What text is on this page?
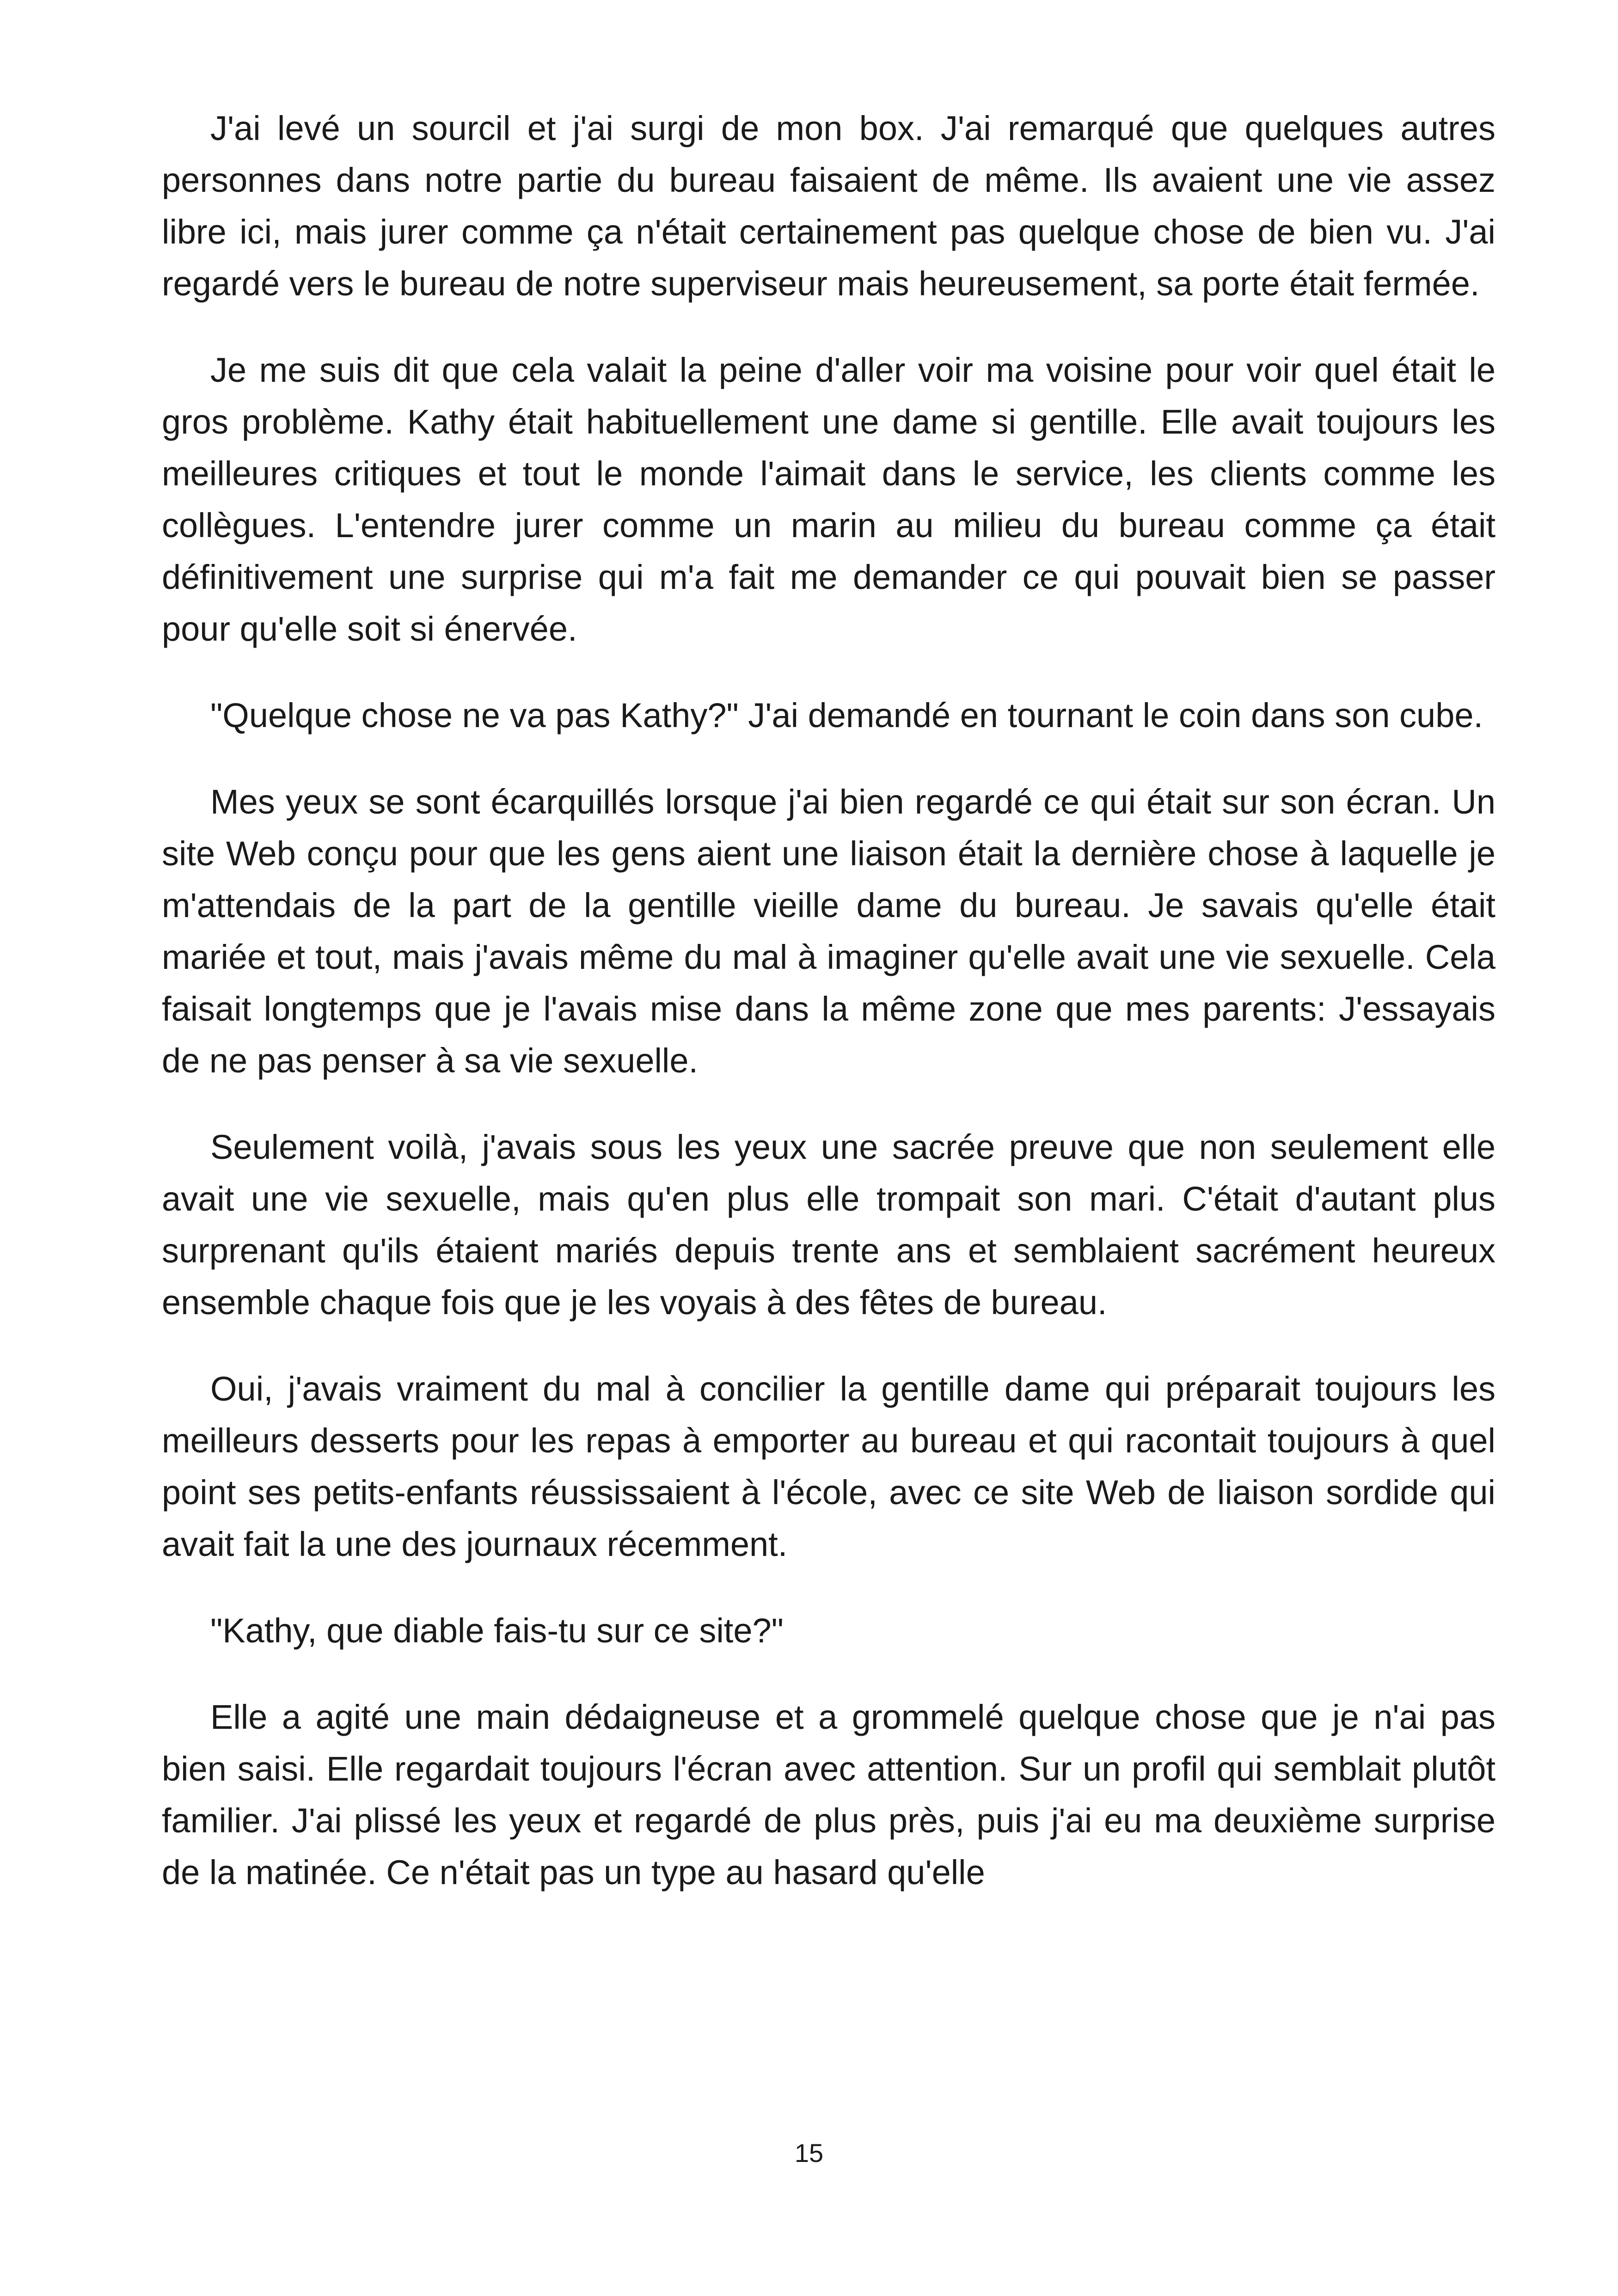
J'ai levé un sourcil et j'ai surgi de mon box. J'ai remarqué que quelques autres personnes dans notre partie du bureau faisaient de même. Ils avaient une vie assez libre ici, mais jurer comme ça n'était certainement pas quelque chose de bien vu. J'ai regardé vers le bureau de notre superviseur mais heureusement, sa porte était fermée.

Je me suis dit que cela valait la peine d'aller voir ma voisine pour voir quel était le gros problème. Kathy était habituellement une dame si gentille. Elle avait toujours les meilleures critiques et tout le monde l'aimait dans le service, les clients comme les collègues. L'entendre jurer comme un marin au milieu du bureau comme ça était définitivement une surprise qui m'a fait me demander ce qui pouvait bien se passer pour qu'elle soit si énervée.

"Quelque chose ne va pas Kathy?" J'ai demandé en tournant le coin dans son cube.

Mes yeux se sont écarquillés lorsque j'ai bien regardé ce qui était sur son écran. Un site Web conçu pour que les gens aient une liaison était la dernière chose à laquelle je m'attendais de la part de la gentille vieille dame du bureau. Je savais qu'elle était mariée et tout, mais j'avais même du mal à imaginer qu'elle avait une vie sexuelle. Cela faisait longtemps que je l'avais mise dans la même zone que mes parents: J'essayais de ne pas penser à sa vie sexuelle.

Seulement voilà, j'avais sous les yeux une sacrée preuve que non seulement elle avait une vie sexuelle, mais qu'en plus elle trompait son mari. C'était d'autant plus surprenant qu'ils étaient mariés depuis trente ans et semblaient sacrément heureux ensemble chaque fois que je les voyais à des fêtes de bureau.

Oui, j'avais vraiment du mal à concilier la gentille dame qui préparait toujours les meilleurs desserts pour les repas à emporter au bureau et qui racontait toujours à quel point ses petits-enfants réussissaient à l'école, avec ce site Web de liaison sordide qui avait fait la une des journaux récemment.

"Kathy, que diable fais-tu sur ce site?"

Elle a agité une main dédaigneuse et a grommelé quelque chose que je n'ai pas bien saisi. Elle regardait toujours l'écran avec attention. Sur un profil qui semblait plutôt familier. J'ai plissé les yeux et regardé de plus près, puis j'ai eu ma deuxième surprise de la matinée. Ce n'était pas un type au hasard qu'elle

15
